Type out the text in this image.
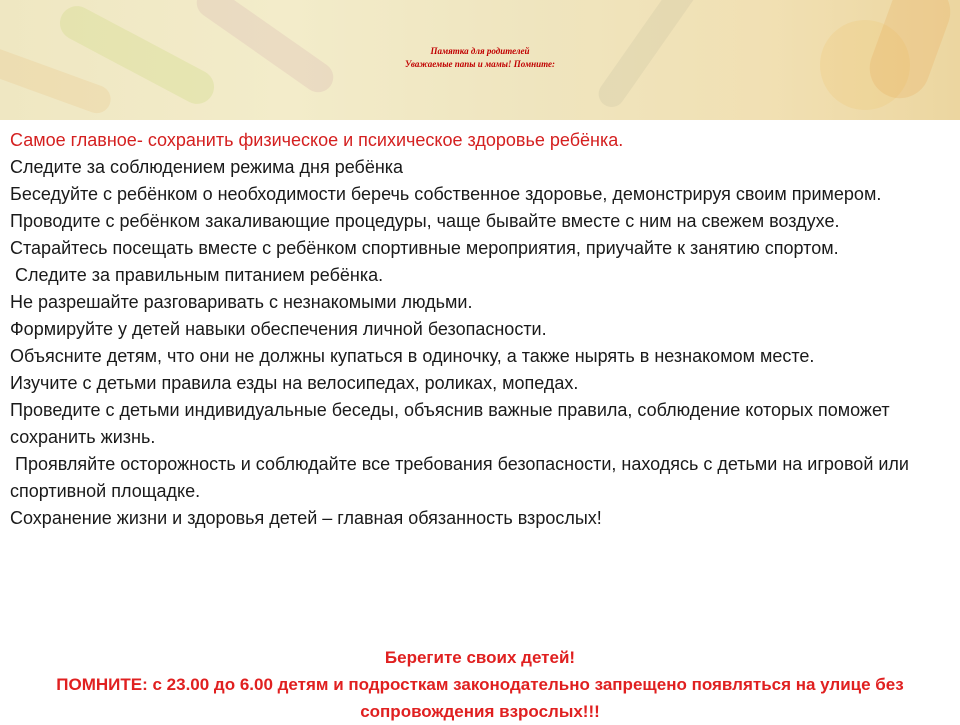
Памятка для родителей
Уважаемые папы и мамы! Помните:

Самое главное- сохранить физическое и психическое здоровье ребёнка.

Следите за соблюдением режима дня ребёнка

Беседуйте с ребёнком о необходимости беречь собственное здоровье, демонстрируя своим примером.

Проводите с ребёнком закаливающие процедуры, чаще бывайте вместе с ним на свежем воздухе.

Старайтесь посещать вместе с ребёнком спортивные мероприятия, приучайте к занятию спортом.

Следите за правильным питанием ребёнка.

Не разрешайте разговаривать с незнакомыми людьми.

Формируйте у детей навыки обеспечения личной безопасности.

Объясните детям, что они не должны купаться в одиночку, а также нырять в незнакомом месте.

Изучите с детьми правила езды на велосипедах, роликах, мопедах.

Проведите с детьми индивидуальные беседы, объяснив важные правила, соблюдение которых поможет сохранить жизнь.

Проявляйте осторожность и соблюдайте все требования безопасности, находясь с детьми на игровой или спортивной площадке.

Сохранение жизни и здоровья детей – главная обязанность взрослых!

Берегите своих детей!
ПОМНИТЕ: с 23.00 до 6.00 детям и подросткам законодательно запрещено появляться на улице без сопровождения взрослых!!!
